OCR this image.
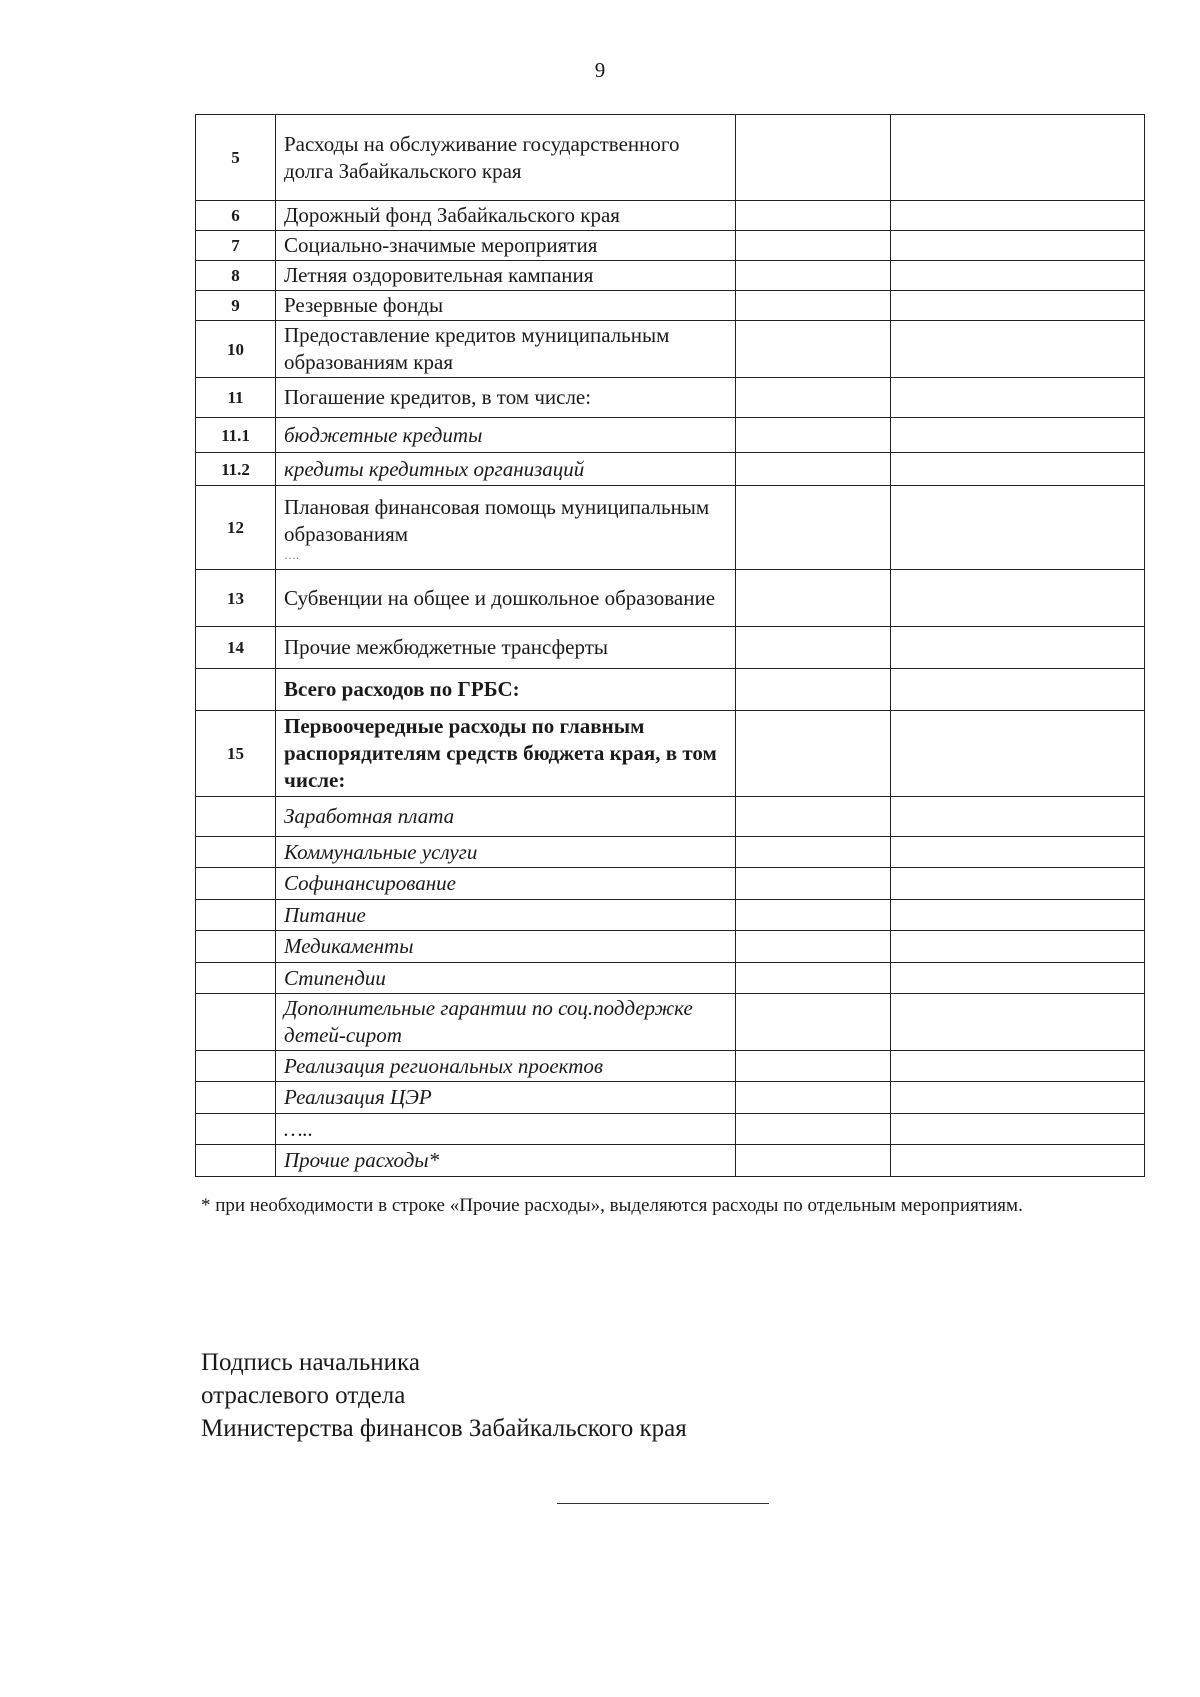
9
5	Расходы на обслуживание государственного долга Забайкальского края		
6	Дорожный фонд Забайкальского края		
7	Социально-значимые мероприятия		
8	Летняя оздоровительная кампания		
9	Резервные фонды		
10	Предоставление кредитов муниципальным образованиям края		
11	Погашение кредитов, в том числе:		
11.1	бюджетные кредиты		
11.2	кредиты кредитных организаций		
12	Плановая финансовая помощь муниципальным образованиям
….		

13	Субвенции на общее и дошкольное образование		
14	Прочие межбюджетные трансферты		
	Всего расходов по ГРБС:		
15	Первоочередные расходы по главным распорядителям средств бюджета края, в том числе:		
	Заработная плата		
	Коммунальные услуги		
	Софинансирование		
	Питание		
	Медикаменты		
	Стипендии		
	Дополнительные гарантии по соц.поддержке детей-сирот		
	Реализация региональных проектов		
	Реализация ЦЭР		
	…..		
	Прочие расходы*		
* при необходимости в строке «Прочие расходы», выделяются расходы по отдельным мероприятиям.
Подпись начальника
отраслевого отдела
Министерства финансов Забайкальского края
